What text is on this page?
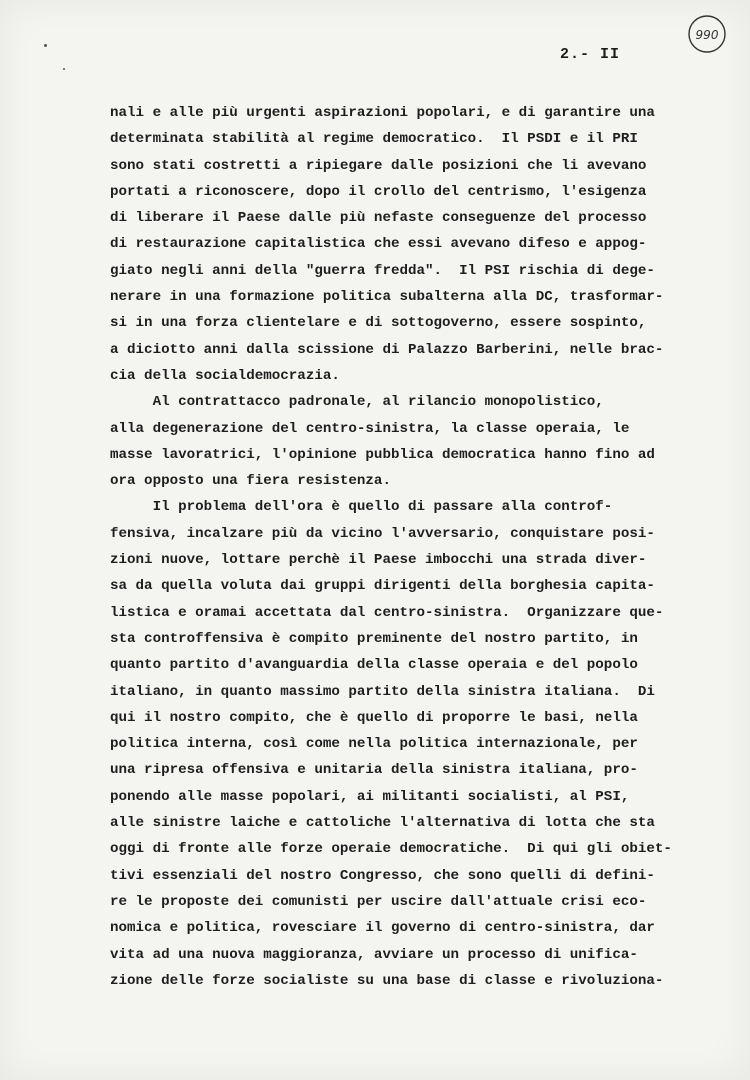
990
2.- II
nali e alle più urgenti aspirazioni popolari, e di garantire una
determinata stabilità al regime democratico.  Il PSDI e il PRI
sono stati costretti a ripiegare dalle posizioni che li avevano
portati a riconoscere, dopo il crollo del centrismo, l'esigenza
di liberare il Paese dalle più nefaste conseguenze del processo
di restaurazione capitalistica che essi avevano difeso e appog-
giato negli anni della "guerra fredda".  Il PSI rischia di dege-
nerare in una formazione politica subalterna alla DC, trasformar-
si in una forza clientelare e di sottogoverno, essere sospinto,
a diciotto anni dalla scissione di Palazzo Barberini, nelle brac-
cia della socialdemocrazia.
Al contrattacco padronale, al rilancio monopolistico,
alla degenerazione del centro-sinistra, la classe operaia, le
masse lavoratrici, l'opinione pubblica democratica hanno fino ad
ora opposto una fiera resistenza.
Il problema dell'ora è quello di passare alla controf-
fensiva, incalzare più da vicino l'avversario, conquistare posi-
zioni nuove, lottare perchè il Paese imbocchi una strada diver-
sa da quella voluta dai gruppi dirigenti della borghesia capita-
listica e oramai accettata dal centro-sinistra.  Organizzare que-
sta controffensiva è compito preminente del nostro partito, in
quanto partito d'avanguardia della classe operaia e del popolo
italiano, in quanto massimo partito della sinistra italiana.  Di
qui il nostro compito, che è quello di proporre le basi, nella
politica interna, così come nella politica internazionale, per
una ripresa offensiva e unitaria della sinistra italiana, pro-
ponendo alle masse popolari, ai militanti socialisti, al PSI,
alle sinistre laiche e cattoliche l'alternativa di lotta che sta
oggi di fronte alle forze operaie democratiche.  Di qui gli obiet-
tivi essenziali del nostro Congresso, che sono quelli di defini-
re le proposte dei comunisti per uscire dall'attuale crisi eco-
nomica e politica, rovesciare il governo di centro-sinistra, dar
vita ad una nuova maggioranza, avviare un processo di unifica-
zione delle forze socialiste su una base di classe e rivoluziona-
